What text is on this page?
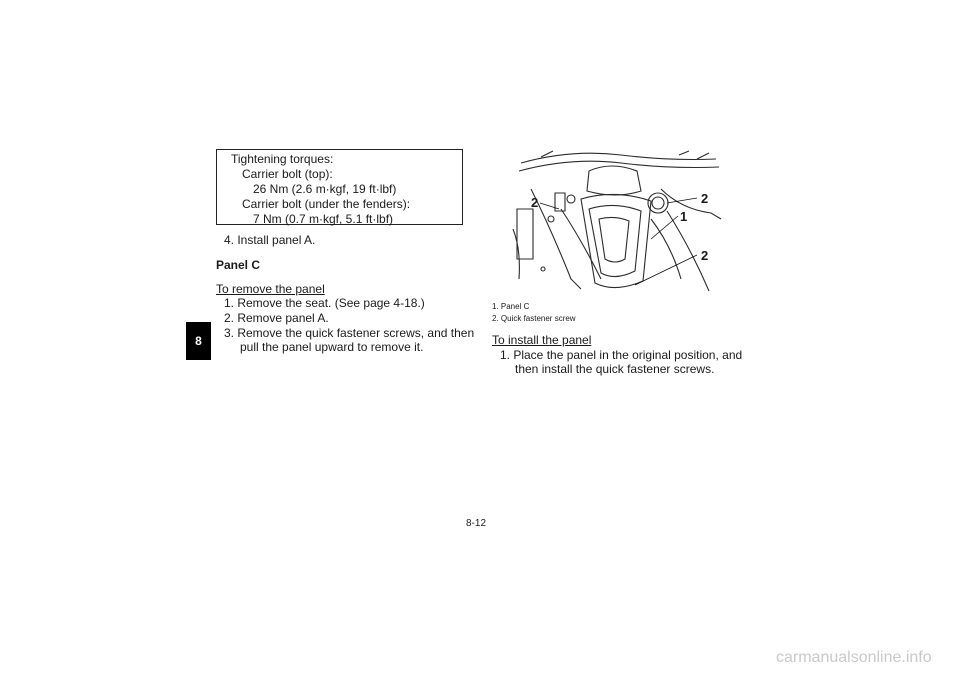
8
Tightening torques:
Carrier bolt (top):
26 Nm (2.6 m·kgf, 19 ft·lbf)
Carrier bolt (under the fenders):
7 Nm (0.7 m·kgf, 5.1 ft·lbf)
4. Install panel A.
Panel C
To remove the panel
1. Remove the seat. (See page 4-18.)
2. Remove panel A.
3. Remove the quick fastener screws, and then
pull the panel upward to remove it.
2	2
1
2
1. Panel C
2. Quick fastener screw
To install the panel
1. Place the panel in the original position, and
then install the quick fastener screws.
8-12
carmanualsonline.info
